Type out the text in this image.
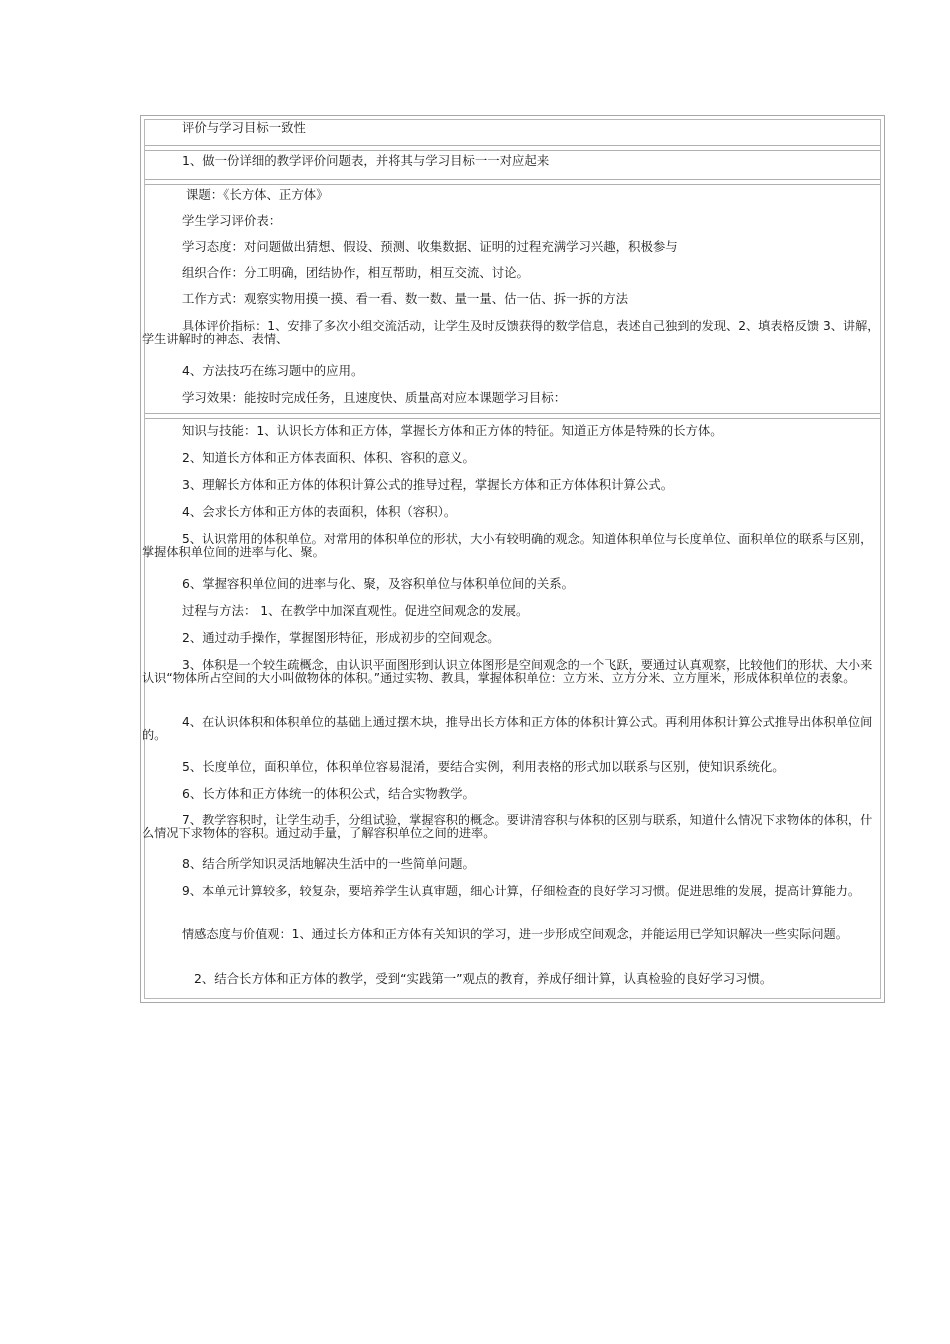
评价与学习目标一致性
1、做一份详细的教学评价问题表，并将其与学习目标一一对应起来
课题：《长方体、正方体》
学生学习评价表：
学习态度：对问题做出猜想、假设、预测、收集数据、证明的过程充满学习兴趣，积极参与
组织合作：分工明确，团结协作，相互帮助，相互交流、讨论。
工作方式：观察实物用摸一摸、看一看、数一数、量一量、估一估、拆一拆的方法
具体评价指标：1、安排了多次小组交流活动，让学生及时反馈获得的数学信息，表述自己独到的发现、2、填表格反馈 3、讲解，学生讲解时的神态、表情、
4、方法技巧在练习题中的应用。
学习效果：能按时完成任务，且速度快、质量高对应本课题学习目标：
知识与技能：1、认识长方体和正方体，掌握长方体和正方体的特征。知道正方体是特殊的长方体。
2、知道长方体和正方体表面积、体积、容积的意义。
3、理解长方体和正方体的体积计算公式的推导过程，掌握长方体和正方体体积计算公式。
4、会求长方体和正方体的表面积，体积（容积）。
5、认识常用的体积单位。对常用的体积单位的形状，大小有较明确的观念。知道体积单位与长度单位、面积单位的联系与区别，掌握体积单位间的进率与化、聚。
6、掌握容积单位间的进率与化、聚，及容积单位与体积单位间的关系。
过程与方法： 1、在教学中加深直观性。促进空间观念的发展。
2、通过动手操作，掌握图形特征，形成初步的空间观念。
3、体积是一个较生疏概念，由认识平面图形到认识立体图形是空间观念的一个飞跃，要通过认真观察，比较他们的形状、大小来认识“物体所占空间的大小叫做物体的体积。”通过实物、教具，掌握体积单位：立方米、立方分米、立方厘米，形成体积单位的表象。
4、在认识体积和体积单位的基础上通过摆木块，推导出长方体和正方体的体积计算公式。再利用体积计算公式推导出体积单位间的。
5、长度单位，面积单位，体积单位容易混淆，要结合实例，利用表格的形式加以联系与区别，使知识系统化。
6、长方体和正方体统一的体积公式，结合实物教学。
7、教学容积时，让学生动手，分组试验，掌握容积的概念。要讲清容积与体积的区别与联系，知道什么情况下求物体的体积，什么情况下求物体的容积。通过动手量，了解容积单位之间的进率。
8、结合所学知识灵活地解决生活中的一些简单问题。
9、本单元计算较多，较复杂，要培养学生认真审题，细心计算，仔细检查的良好学习习惯。促进思维的发展，提高计算能力。
情感态度与价值观：1、通过长方体和正方体有关知识的学习，进一步形成空间观念，并能运用已学知识解决一些实际问题。
2、结合长方体和正方体的教学，受到“实践第一”观点的教育，养成仔细计算，认真检验的良好学习习惯。
